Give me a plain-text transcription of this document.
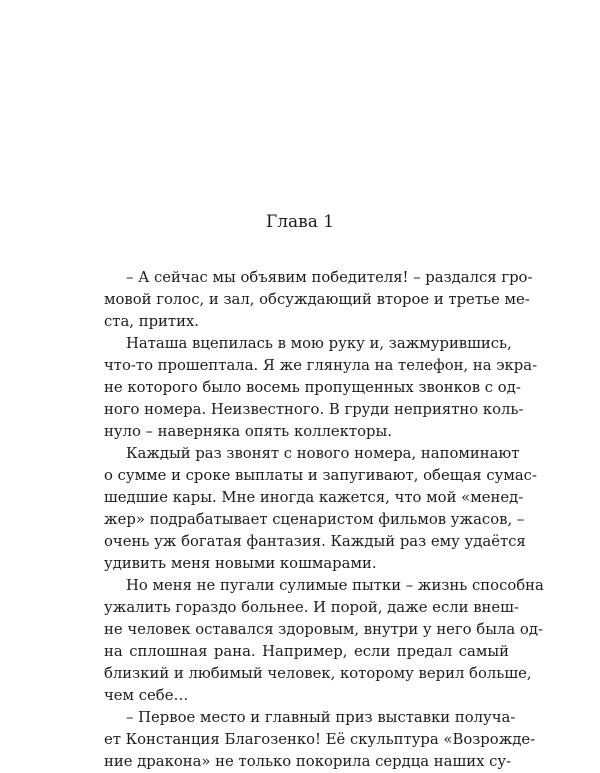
Глава 1
– А сейчас мы объявим победителя! – раздался гро-
мовой голос, и зал, обсуждающий второе и третье ме-
ста, притих.
Наташа вцепилась в мою руку и, зажмурившись,
что-то прошептала. Я же глянула на телефон, на экра-
не которого было восемь пропущенных звонков с од-
ного номера. Неизвестного. В груди неприятно коль-
нуло – наверняка опять коллекторы.
Каждый раз звонят с нового номера, напоминают
о сумме и сроке выплаты и запугивают, обещая сумас-
шедшие кары. Мне иногда кажется, что мой «менед-
жер» подрабатывает сценаристом фильмов ужасов, –
очень уж богатая фантазия. Каждый раз ему удаётся
удивить меня новыми кошмарами.
Но меня не пугали сулимые пытки – жизнь способна
ужалить гораздо больнее. И порой, даже если внеш-
не человек оставался здоровым, внутри у него была од-
на сплошная рана. Например, если предал самый
близкий и любимый человек, которому верил больше,
чем себе…
– Первое место и главный приз выставки получа-
ет Констанция Благозенко! Её скульптура «Возрожде-
ние дракона» не только покорила сердца наших су-
